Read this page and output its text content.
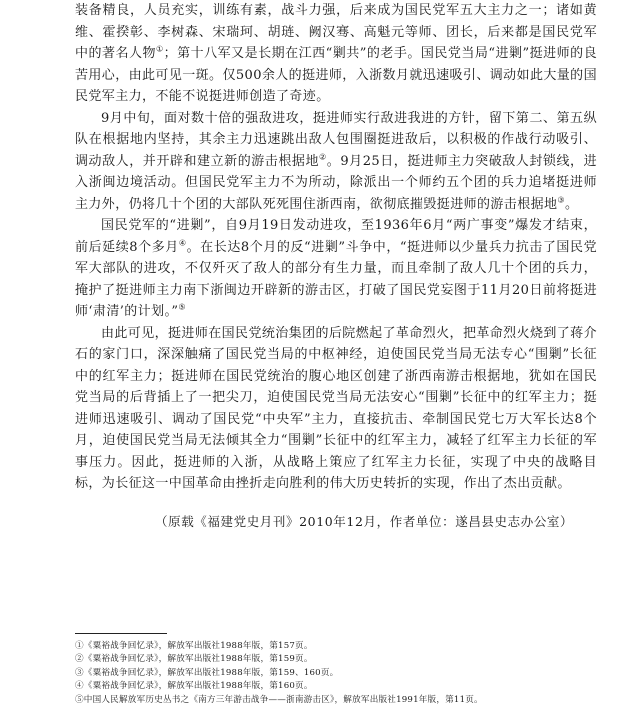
装备精良，人员充实，训练有素，战斗力强，后来成为国民党军五大主力之一；诸如黄维、霍揆彰、李树森、宋瑞珂、胡琏、阙汉骞、高魁元等师、团长，后来都是国民党军中的著名人物①；第十八军又是长期在江西“剿共”的老手。国民党当局“进剿”挺进师的良苦用心，由此可见一斑。仅500余人的挺进师，入浙数月就迅速吸引、调动如此大量的国民党军主力，不能不说挺进师创造了奇迹。

9月中旬，面对数十倍的强敌进攻，挺进师实行敌进我进的方针，留下第二、第五纵队在根据地内坚持，其余主力迅速跳出敌人包围圈挺进敌后，以积极的作战行动吸引、调动敌人，并开辟和建立新的游击根据地②。9月25日，挺进师主力突破敌人封锁线，进入浙闽边境活动。但国民党军主力不为所动，除派出一个师约五个团的兵力追堵挺进师主力外，仍将几十个团的大部队死死围住浙西南，欲彻底摧毁挺进师的游击根据地③。

国民党军的“进剿”，自9月19日发动进攻，至1936年6月“两广事变”爆发才结束，前后延续8个多月④。在长达8个月的反“进剿”斗争中，“挺进师以少量兵力抗击了国民党军大部队的进攻，不仅歼灭了敌人的部分有生力量，而且牵制了敌人几十个团的兵力，掩护了挺进师主力南下浙闽边开辟新的游击区，打破了国民党妄图于11月20日前将挺进师‘肃清’的计划。”⑤

由此可见，挺进师在国民党统治集团的后院燃起了革命烈火，把革命烈火烧到了蒋介石的家门口，深深触痛了国民党当局的中枢神经，迫使国民党当局无法专心“围剿”长征中的红军主力；挺进师在国民党统治的腹心地区创建了浙西南游击根据地，犹如在国民党当局的后背插上了一把尖刀，迫使国民党当局无法安心“围剿”长征中的红军主力；挺进师迅速吸引、调动了国民党“中央军”主力，直接抗击、牵制国民党七万大军长达8个月，迫使国民党当局无法倾其全力“围剿”长征中的红军主力，减轻了红军主力长征的军事压力。因此，挺进师的入浙，从战略上策应了红军主力长征，实现了中央的战略目标，为长征这一中国革命由挫折走向胜利的伟大历史转折的实现，作出了杰出贡献。

（原载《福建党史月刊》2010年12月，作者单位：遂昌县史志办公室）
①《粟裕战争回忆录》，解放军出版社1988年版，第157页。
②《粟裕战争回忆录》，解放军出版社1988年版，第159页。
③《粟裕战争回忆录》，解放军出版社1988年版，第159、160页。
④《粟裕战争回忆录》，解放军出版社1988年版，第160页。
⑤中国人民解放军历史丛书之《南方三年游击战争——浙南游击区》，解放军出版社1991年版，第11页。
